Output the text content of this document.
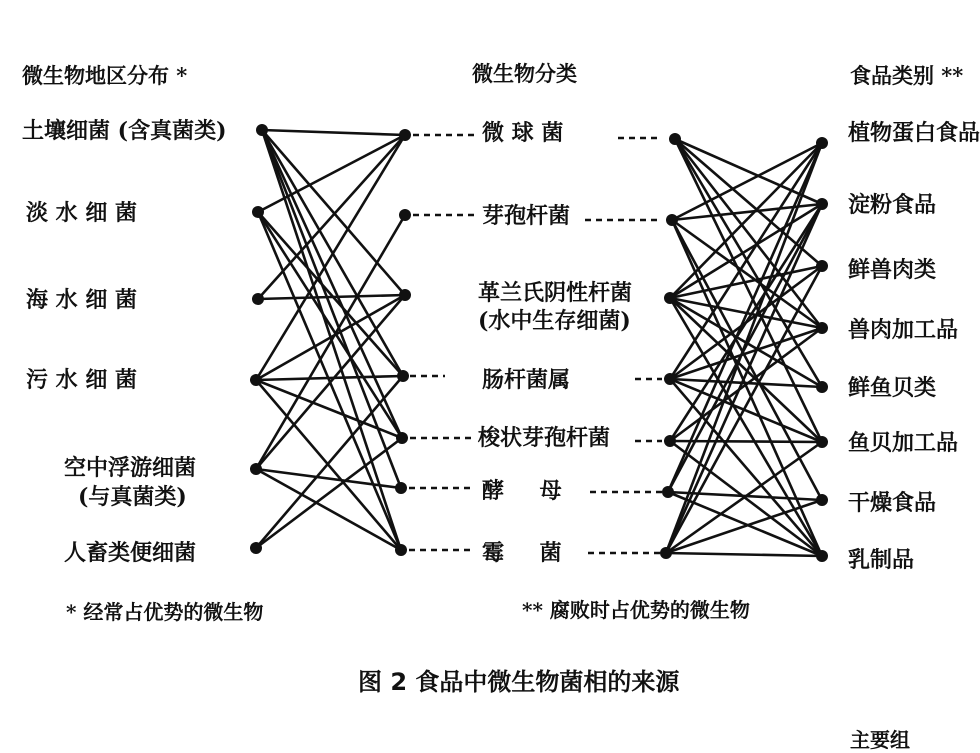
微生物地区分布 *	微生物分类	食品类别 **
土壤细菌 (含真菌类)
淡 水 细 菌
海 水 细 菌
污 水 细 菌
空中浮游细菌
(与真菌类)
人畜类便细菌
微 球 菌
芽孢杆菌
革兰氏阴性杆菌
(水中生存细菌)
肠杆菌属
梭状芽孢杆菌
酵 母
霉 菌
植物蛋白食品
淀粉食品
鲜兽肉类
兽肉加工品
鲜鱼贝类
鱼贝加工品
干燥食品
乳制品
* 经常占优势的微生物	** 腐败时占优势的微生物
图 2 食品中微生物菌相的来源
主要组
